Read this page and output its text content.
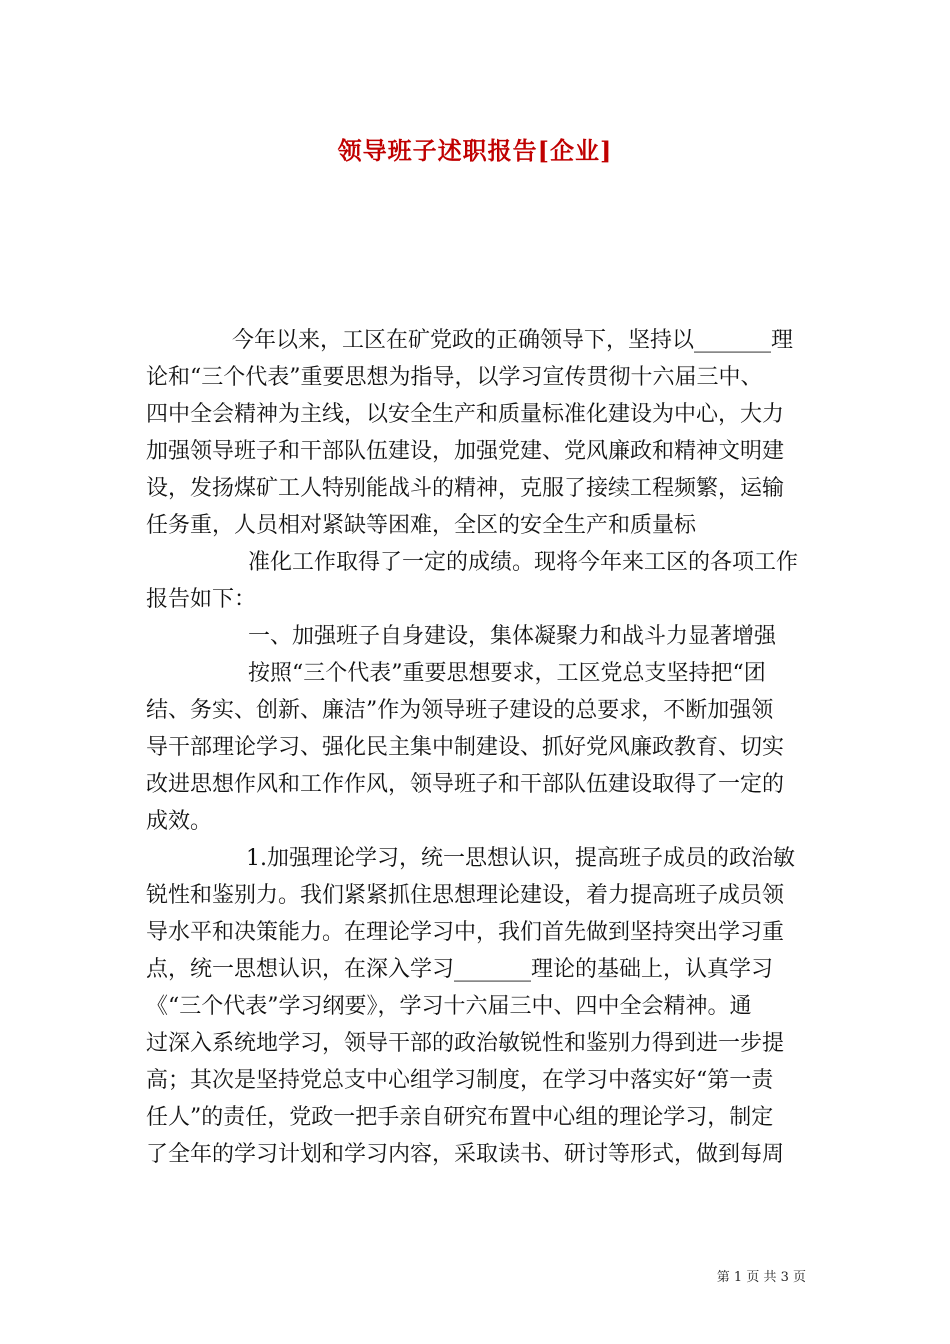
领导班子述职报告[企业]
今年以来，工区在矿党政的正确领导下，坚持以_______理
论和“三个代表”重要思想为指导，以学习宣传贯彻十六届三中、
四中全会精神为主线，以安全生产和质量标准化建设为中心，大力
加强领导班子和干部队伍建设，加强党建、党风廉政和精神文明建
设，发扬煤矿工人特别能战斗的精神，克服了接续工程频繁，运输
任务重，人员相对紧缺等困难，全区的安全生产和质量标
准化工作取得了一定的成绩。现将今年来工区的各项工作
报告如下：
一、加强班子自身建设，集体凝聚力和战斗力显著增强
按照“三个代表”重要思想要求，工区党总支坚持把“团
结、务实、创新、廉洁”作为领导班子建设的总要求，不断加强领
导干部理论学习、强化民主集中制建设、抓好党风廉政教育、切实
改进思想作风和工作作风，领导班子和干部队伍建设取得了一定的
成效。
1.加强理论学习，统一思想认识，提高班子成员的政治敏
锐性和鉴别力。我们紧紧抓住思想理论建设，着力提高班子成员领
导水平和决策能力。在理论学习中，我们首先做到坚持突出学习重
点，统一思想认识，在深入学习_______理论的基础上，认真学习
《“三个代表”学习纲要》，学习十六届三中、四中全会精神。通
过深入系统地学习，领导干部的政治敏锐性和鉴别力得到进一步提
高；其次是坚持党总支中心组学习制度，在学习中落实好“第一责
任人”的责任，党政一把手亲自研究布置中心组的理论学习，制定
了全年的学习计划和学习内容，采取读书、研讨等形式，做到每周
第 1 页 共 3 页
